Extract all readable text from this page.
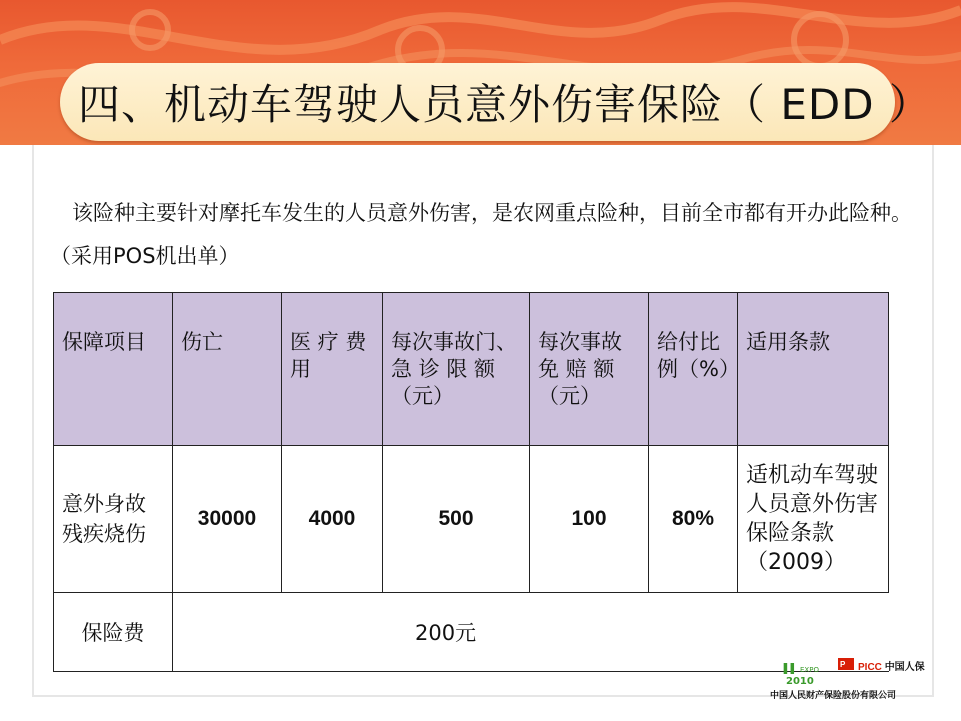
四、机动车驾驶人员意外伤害保险（ EDD ）
该险种主要针对摩托车发生的人员意外伤害，是农网重点险种，目前全市都有开办此险种。（采用POS机出单）
保障项目	伤亡	医 疗 费 用	每次事故门、急 诊 限 额（元）	每次事故免 赔 额（元）	给付比例（%）	适用条款
意外身故残疾烧伤	30000	4000	500	100	80%	适机动车驾驶人员意外伤害保险条款（2009）
保险费	200元					
ıı EXPO
2010
P PICC 中国人保
中国人民财产保险股份有限公司
